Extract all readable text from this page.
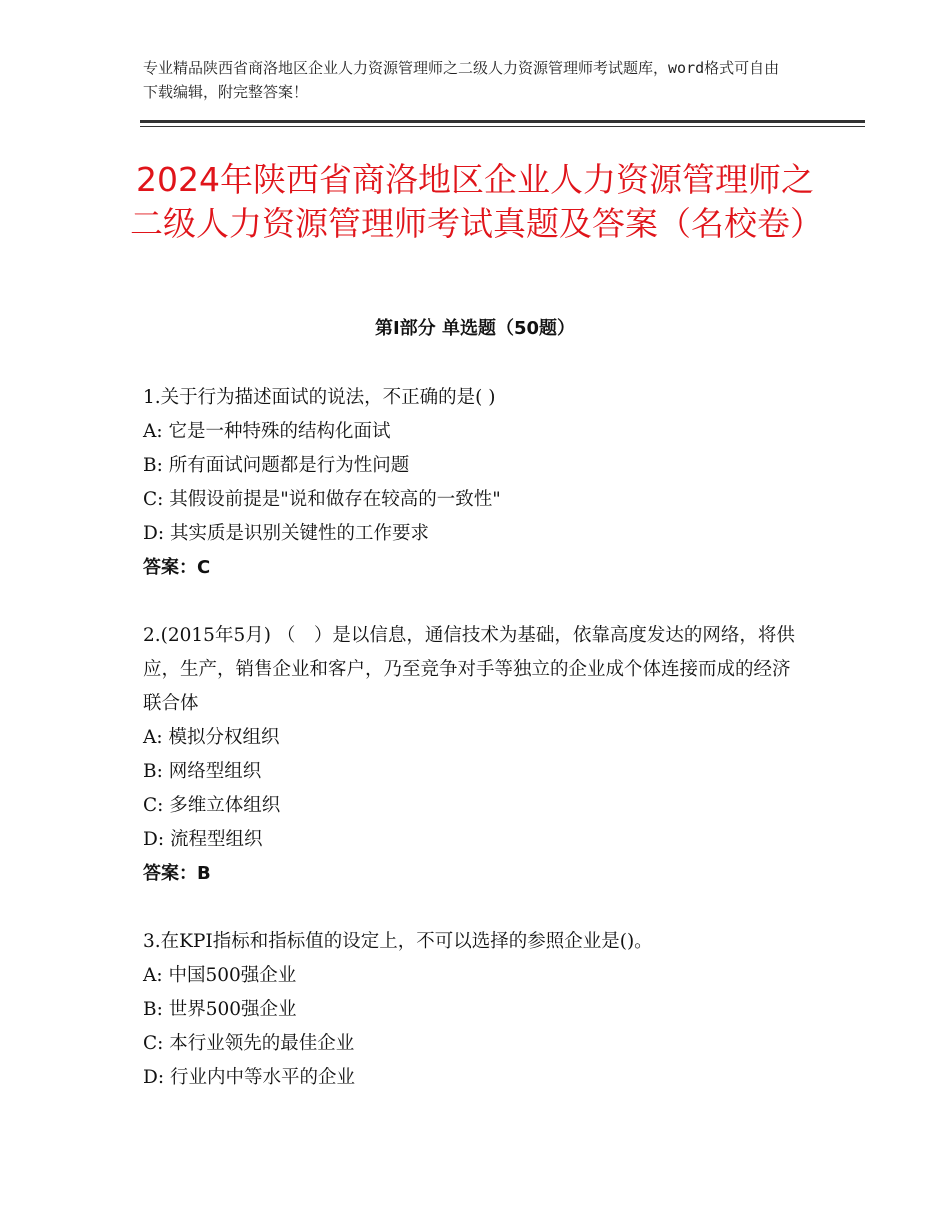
专业精品陕西省商洛地区企业人力资源管理师之二级人力资源管理师考试题库，word格式可自由下载编辑，附完整答案！
2024年陕西省商洛地区企业人力资源管理师之二级人力资源管理师考试真题及答案（名校卷）
第Ⅰ部分 单选题（50题）
1.关于行为描述面试的说法，不正确的是( )
A: 它是一种特殊的结构化面试
B: 所有面试问题都是行为性问题
C: 其假设前提是"说和做存在较高的一致性"
D: 其实质是识别关键性的工作要求
答案：C
2.(2015年5月) （　）是以信息，通信技术为基础，依靠高度发达的网络，将供应，生产，销售企业和客户，乃至竞争对手等独立的企业成个体连接而成的经济联合体
A: 模拟分权组织
B: 网络型组织
C: 多维立体组织
D: 流程型组织
答案：B
3.在KPI指标和指标值的设定上，不可以选择的参照企业是()。
A: 中国500强企业
B: 世界500强企业
C: 本行业领先的最佳企业
D: 行业内中等水平的企业
